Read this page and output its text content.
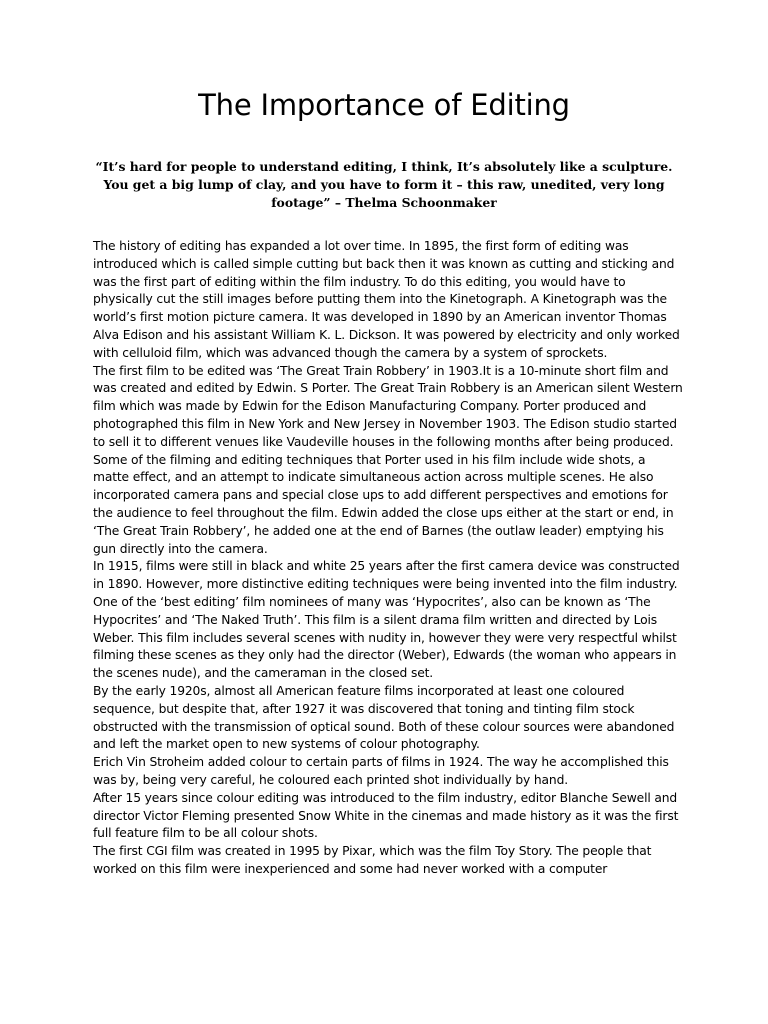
The Importance of Editing

“It’s hard for people to understand editing, I think, It’s absolutely like a sculpture. You get a big lump of clay, and you have to form it – this raw, unedited, very long footage” – Thelma Schoonmaker

The history of editing has expanded a lot over time. In 1895, the first form of editing was introduced which is called simple cutting but back then it was known as cutting and sticking and was the first part of editing within the film industry. To do this editing, you would have to physically cut the still images before putting them into the Kinetograph. A Kinetograph was the world’s first motion picture camera. It was developed in 1890 by an American inventor Thomas Alva Edison and his assistant William K. L. Dickson. It was powered by electricity and only worked with celluloid film, which was advanced though the camera by a system of sprockets.

The first film to be edited was ‘The Great Train Robbery’ in 1903.It is a 10-minute short film and was created and edited by Edwin. S Porter. The Great Train Robbery is an American silent Western film which was made by Edwin for the Edison Manufacturing Company. Porter produced and photographed this film in New York and New Jersey in November 1903. The Edison studio started to sell it to different venues like Vaudeville houses in the following months after being produced. Some of the filming and editing techniques that Porter used in his film include wide shots, a matte effect, and an attempt to indicate simultaneous action across multiple scenes. He also incorporated camera pans and special close ups to add different perspectives and emotions for the audience to feel throughout the film. Edwin added the close ups either at the start or end, in ‘The Great Train Robbery’, he added one at the end of Barnes (the outlaw leader) emptying his gun directly into the camera.

In 1915, films were still in black and white 25 years after the first camera device was constructed in 1890. However, more distinctive editing techniques were being invented into the film industry. One of the ‘best editing’ film nominees of many was ‘Hypocrites’, also can be known as ‘The Hypocrites’ and ‘The Naked Truth’. This film is a silent drama film written and directed by Lois Weber. This film includes several scenes with nudity in, however they were very respectful whilst filming these scenes as they only had the director (Weber), Edwards (the woman who appears in the scenes nude), and the cameraman in the closed set.

By the early 1920s, almost all American feature films incorporated at least one coloured sequence, but despite that, after 1927 it was discovered that toning and tinting film stock obstructed with the transmission of optical sound. Both of these colour sources were abandoned and left the market open to new systems of colour photography.

Erich Vin Stroheim added colour to certain parts of films in 1924. The way he accomplished this was by, being very careful, he coloured each printed shot individually by hand.

After 15 years since colour editing was introduced to the film industry, editor Blanche Sewell and director Victor Fleming presented Snow White in the cinemas and made history as it was the first full feature film to be all colour shots.

The first CGI film was created in 1995 by Pixar, which was the film Toy Story. The people that worked on this film were inexperienced and some had never worked with a computer
